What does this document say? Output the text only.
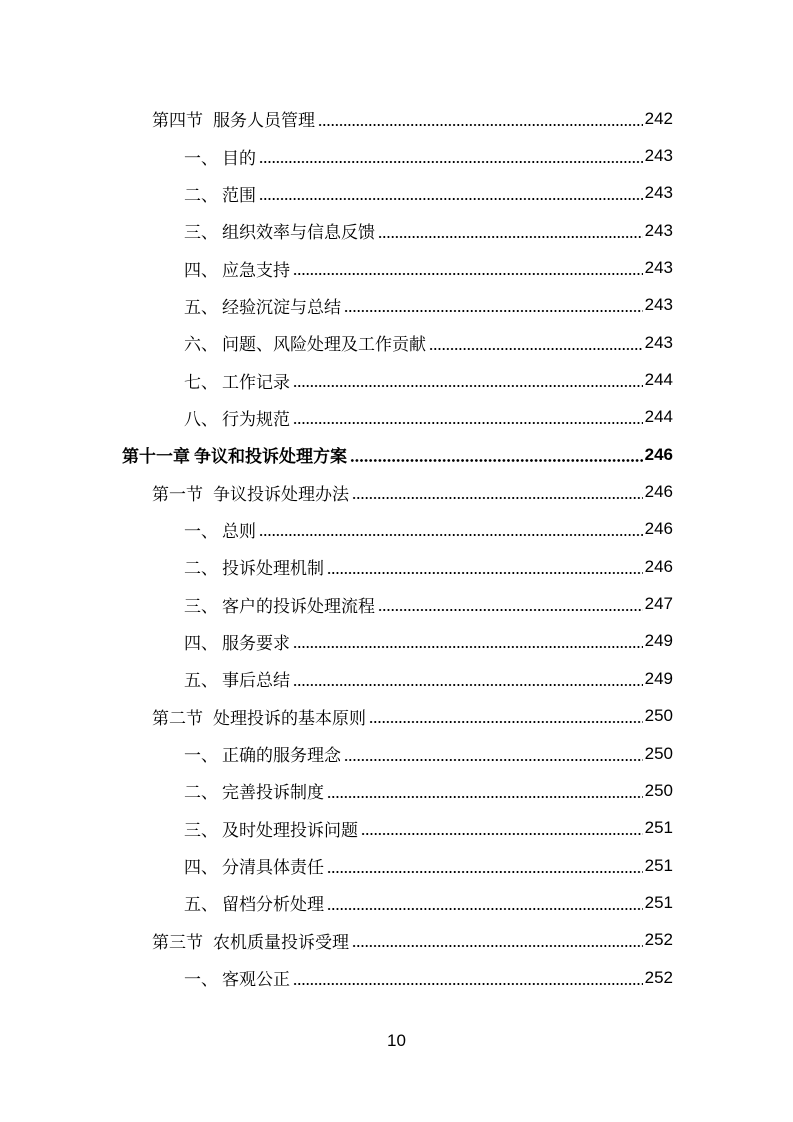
第四节 服务人员管理	242
一、 目的	243
二、 范围	243
三、 组织效率与信息反馈	243
四、 应急支持	243
五、 经验沉淀与总结	243
六、 问题、风险处理及工作贡献	243
七、 工作记录	244
八、 行为规范	244
第十一章 争议和投诉处理方案	246
第一节 争议投诉处理办法	246
一、 总则	246
二、 投诉处理机制	246
三、 客户的投诉处理流程	247
四、 服务要求	249
五、 事后总结	249
第二节 处理投诉的基本原则	250
一、 正确的服务理念	250
二、 完善投诉制度	250
三、 及时处理投诉问题	251
四、 分清具体责任	251
五、 留档分析处理	251
第三节 农机质量投诉受理	252
一、 客观公正	252
10
